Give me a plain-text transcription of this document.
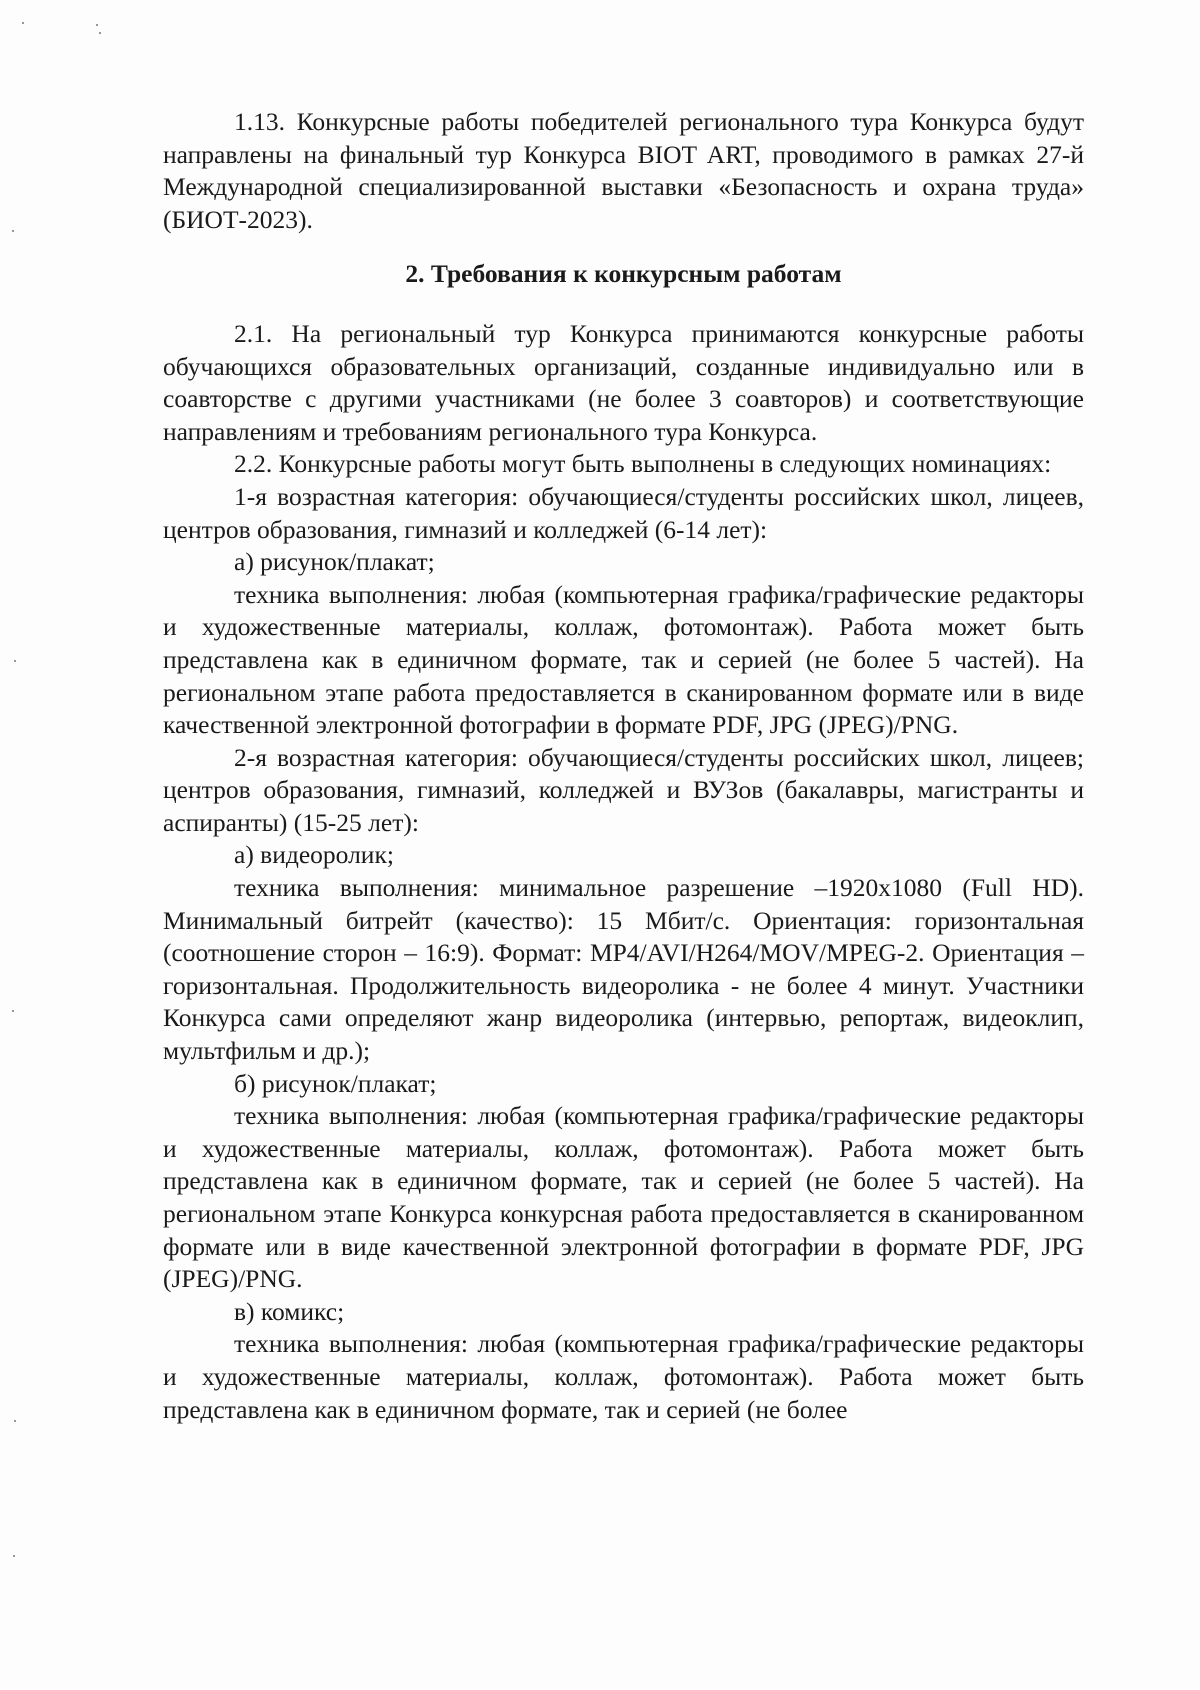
1.13. Конкурсные работы победителей регионального тура Конкурса будут направлены на финальный тур Конкурса BIOT ART, проводимого в рамках 27-й Международной специализированной выставки «Безопасность и охрана труда» (БИОТ-2023).

2. Требования к конкурсным работам

2.1. На региональный тур Конкурса принимаются конкурсные работы обучающихся образовательных организаций, созданные индивидуально или в соавторстве с другими участниками (не более 3 соавторов) и соответствующие направлениям и требованиям регионального тура Конкурса.

2.2. Конкурсные работы могут быть выполнены в следующих номинациях:

1-я возрастная категория: обучающиеся/студенты российских школ, лицеев, центров образования, гимназий и колледжей (6-14 лет):

а) рисунок/плакат;

техника выполнения: любая (компьютерная графика/графические редакторы и художественные материалы, коллаж, фотомонтаж). Работа может быть представлена как в единичном формате, так и серией (не более 5 частей). На региональном этапе работа предоставляется в сканированном формате или в виде качественной электронной фотографии в формате PDF, JPG (JPEG)/PNG.

2-я возрастная категория: обучающиеся/студенты российских школ, лицеев; центров образования, гимназий, колледжей и ВУЗов (бакалавры, магистранты и аспиранты) (15-25 лет):

а) видеоролик;

техника выполнения: минимальное разрешение –1920x1080 (Full HD). Минимальный битрейт (качество): 15 Мбит/с. Ориентация: горизонтальная (соотношение сторон – 16:9). Формат: MP4/AVI/H264/MOV/MPEG-2. Ориентация – горизонтальная. Продолжительность видеоролика - не более 4 минут. Участники Конкурса сами определяют жанр видеоролика (интервью, репортаж, видеоклип, мультфильм и др.);

б) рисунок/плакат;

техника выполнения: любая (компьютерная графика/графические редакторы и художественные материалы, коллаж, фотомонтаж). Работа может быть представлена как в единичном формате, так и серией (не более 5 частей). На региональном этапе Конкурса конкурсная работа предоставляется в сканированном формате или в виде качественной электронной фотографии в формате PDF, JPG (JPEG)/PNG.

в) комикс;

техника выполнения: любая (компьютерная графика/графические редакторы и художественные материалы, коллаж, фотомонтаж). Работа может быть представлена как в единичном формате, так и серией (не более
